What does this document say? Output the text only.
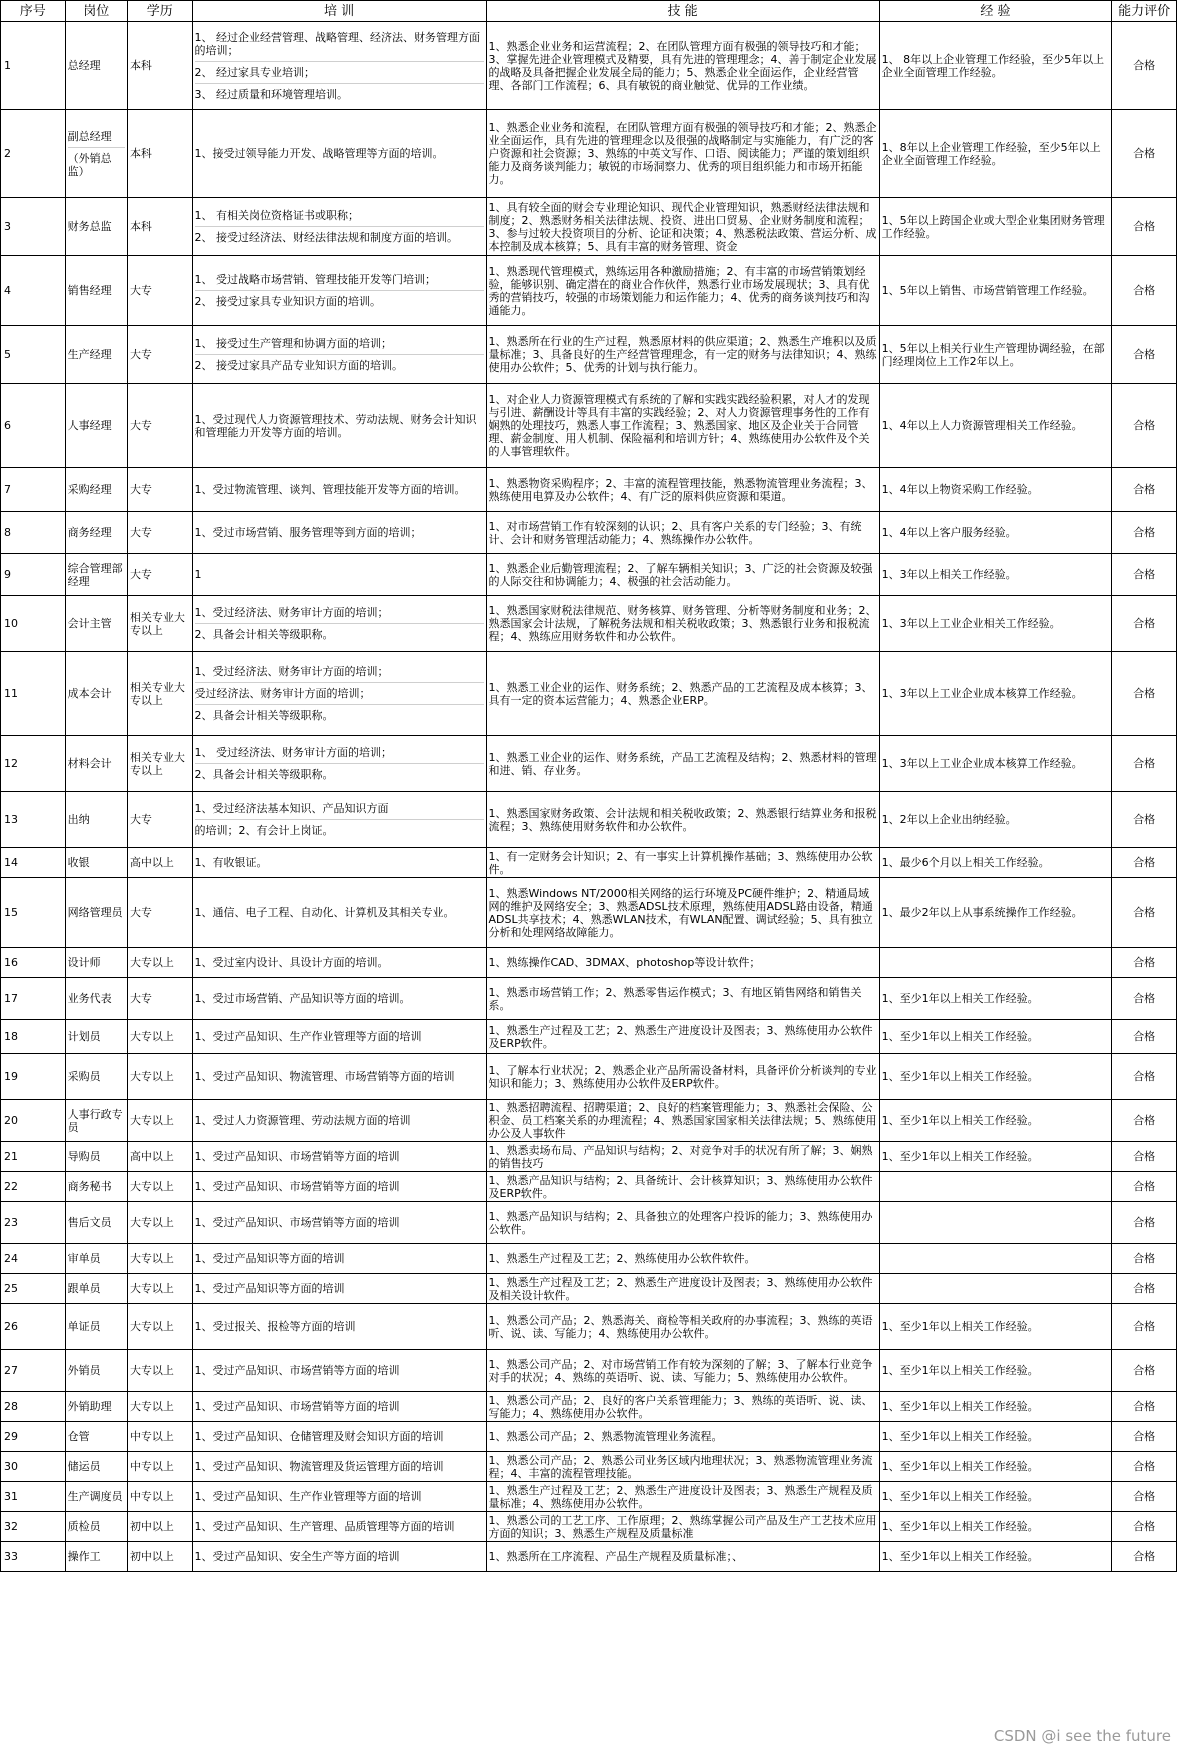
序号	岗位	学历	培 训	技 能	经 验	能力评价
1	总经理	本科	1、 经过企业经营管理、战略管理、经济法、财务管理方面的培训；
2、 经过家具专业培训；
3、 经过质量和环境管理培训。	1、熟悉企业业务和运营流程；2、在团队管理方面有极强的领导技巧和才能；3、掌握先进企业管理模式及精要，具有先进的管理理念；4、善于制定企业发展的战略及具备把握企业发展全局的能力；5、熟悉企业全面运作，企业经营管理、各部门工作流程；6、具有敏锐的商业触觉、优异的工作业绩。	1、 8年以上企业管理工作经验，至少5年以上企业全面管理工作经验。	合格
2	副总经理
（外销总监）	本科	1、接受过领导能力开发、战略管理等方面的培训。	1、熟悉企业业务和流程，在团队管理方面有极强的领导技巧和才能；2、熟悉企业全面运作，具有先进的管理理念以及很强的战略制定与实施能力，有广泛的客户资源和社会资源；3、熟练的中英文写作、口语、阅读能力；严谨的策划组织能力及商务谈判能力；敏锐的市场洞察力、优秀的项目组织能力和市场开拓能力。	1、8年以上企业管理工作经验，至少5年以上企业全面管理工作经验。	合格
3	财务总监	本科	1、 有相关岗位资格证书或职称；
2、 接受过经济法、财经法律法规和制度方面的培训。	1、具有较全面的财会专业理论知识、现代企业管理知识，熟悉财经法律法规和制度；2、熟悉财务相关法律法规、投资、进出口贸易、企业财务制度和流程；3、参与过较大投资项目的分析、论证和决策；4、熟悉税法政策、营运分析、成本控制及成本核算；5、具有丰富的财务管理、资金	1、5年以上跨国企业或大型企业集团财务管理工作经验。	合格
4	销售经理	大专	1、 受过战略市场营销、管理技能开发等门培训；
2、 接受过家具专业知识方面的培训。	1、熟悉现代管理模式，熟练运用各种激励措施；2、有丰富的市场营销策划经验，能够识别、确定潜在的商业合作伙伴，熟悉行业市场发展现状；3、具有优秀的营销技巧，较强的市场策划能力和运作能力；4、优秀的商务谈判技巧和沟通能力。	1、5年以上销售、市场营销管理工作经验。	合格
5	生产经理	大专	1、 接受过生产管理和协调方面的培训；
2、 接受过家具产品专业知识方面的培训。	1、熟悉所在行业的生产过程，熟悉原材料的供应渠道；2、熟悉生产堆积以及质量标准；3、具备良好的生产经营管理理念，有一定的财务与法律知识；4、熟练使用办公软件；5、优秀的计划与执行能力。	1、5年以上相关行业生产管理协调经验，在部门经理岗位上工作2年以上。	合格
6	人事经理	大专	1、受过现代人力资源管理技术、劳动法规、财务会计知识和管理能力开发等方面的培训。	1、对企业人力资源管理模式有系统的了解和实践实践经验积累，对人才的发现与引进、薪酬设计等具有丰富的实践经验；2、对人力资源管理事务性的工作有娴熟的处理技巧，熟悉人事工作流程；3、熟悉国家、地区及企业关于合同管理、薪金制度、用人机制、保险福利和培训方针；4、熟练使用办公软件及个关的人事管理软件。	1、4年以上人力资源管理相关工作经验。	合格
7	采购经理	大专	1、受过物流管理、谈判、管理技能开发等方面的培训。	1、熟悉物资采购程序；2、丰富的流程管理技能，熟悉物流管理业务流程；3、熟练使用电算及办公软件；4、有广泛的原料供应资源和渠道。	1、4年以上物资采购工作经验。	合格
8	商务经理	大专	1、受过市场营销、服务管理等到方面的培训；	1、对市场营销工作有较深刻的认识；2、具有客户关系的专门经验；3、有统计、会计和财务管理活动能力；4、熟练操作办公软件。	1、4年以上客户服务经验。	合格
9	综合管理部经理	大专	1	1、熟悉企业后勤管理流程；2、了解车辆相关知识；3、广泛的社会资源及较强的人际交往和协调能力；4、极强的社会活动能力。	1、3年以上相关工作经验。	合格
10	会计主管	相关专业大专以上	1、受过经济法、财务审计方面的培训；
2、具备会计相关等级职称。	1、熟悉国家财税法律规范、财务核算、财务管理、分析等财务制度和业务；2、熟悉国家会计法规，了解税务法规和相关税收政策；3、熟悉银行业务和报税流程；4、熟练应用财务软件和办公软件。	1、3年以上工业企业相关工作经验。	合格
11	成本会计	相关专业大专以上	1、受过经济法、财务审计方面的培训；
受过经济法、财务审计方面的培训；
2、具备会计相关等级职称。	1、熟悉工业企业的运作、财务系统；2、熟悉产品的工艺流程及成本核算；3、具有一定的资本运营能力；4、熟悉企业ERP。	1、3年以上工业企业成本核算工作经验。	合格
12	材料会计	相关专业大专以上	1、 受过经济法、财务审计方面的培训；
2、具备会计相关等级职称。	1、熟悉工业企业的运作、财务系统，产品工艺流程及结构；2、熟悉材料的管理和进、销、存业务。	1、3年以上工业企业成本核算工作经验。	合格
13	出纳	大专	1、受过经济法基本知识、产品知识方面
的培训；2、有会计上岗证。	1、熟悉国家财务政策、会计法规和相关税收政策；2、熟悉银行结算业务和报税流程；3、熟练使用财务软件和办公软件。	1、2年以上企业出纳经验。	合格
14	收银	高中以上	1、有收银证。	1、有一定财务会计知识；2、有一事实上计算机操作基础；3、熟练使用办公软件。	1、最少6个月以上相关工作经验。	合格
15	网络管理员	大专	1、通信、电子工程、自动化、计算机及其相关专业。	1、熟悉Windows NT/2000相关网络的运行环境及PC硬件维护；2、精通局域网的维护及网络安全；3、熟悉ADSL技术原理，熟练使用ADSL路由设备，精通ADSL共享技术；4、熟悉WLAN技术，有WLAN配置、调试经验；5、具有独立分析和处理网络故障能力。	1、最少2年以上从事系统操作工作经验。	合格
16	设计师	大专以上	1、受过室内设计、具设计方面的培训。	1、熟练操作CAD、3DMAX、photoshop等设计软件；		合格
17	业务代表	大专	1、受过市场营销、产品知识等方面的培训。	1、熟悉市场营销工作；2、熟悉零售运作模式；3、有地区销售网络和销售关系。	1、至少1年以上相关工作经验。	合格
18	计划员	大专以上	1、受过产品知识、生产作业管理等方面的培训	1、熟悉生产过程及工艺；2、熟悉生产进度设计及图表；3、熟练使用办公软件及ERP软件。	1、至少1年以上相关工作经验。	合格
19	采购员	大专以上	1、受过产品知识、物流管理、市场营销等方面的培训	1、了解本行业状况；2、熟悉企业产品所需设备材料，具备评价分析谈判的专业知识和能力；3、熟练使用办公软件及ERP软件。	1、至少1年以上相关工作经验。	合格
20	人事行政专员	大专以上	1、受过人力资源管理、劳动法规方面的培训	1、熟悉招聘流程、招聘渠道；2、良好的档案管理能力；3、熟悉社会保险、公积金、员工档案关系的办理流程；4、熟悉国家国家相关法律法规；5、熟练使用办公及人事软件	1、至少1年以上相关工作经验。	合格
21	导购员	高中以上	1、受过产品知识、市场营销等方面的培训	1、熟悉卖场布局、产品知识与结构；2、对竞争对手的状况有所了解；3、娴熟的销售技巧	1、至少1年以上相关工作经验。	合格
22	商务秘书	大专以上	1、受过产品知识、市场营销等方面的培训	1、熟悉产品知识与结构；2、具备统计、会计核算知识；3、熟练使用办公软件及ERP软件。		合格
23	售后文员	大专以上	1、受过产品知识、市场营销等方面的培训	1、熟悉产品知识与结构；2、具备独立的处理客户投诉的能力；3、熟练使用办公软件。		合格
24	审单员	大专以上	1、受过产品知识等方面的培训	1、熟悉生产过程及工艺；2、熟练使用办公软件软件。		合格
25	跟单员	大专以上	1、受过产品知识等方面的培训	1、熟悉生产过程及工艺；2、熟悉生产进度设计及图表；3、熟练使用办公软件及相关设计软件。		合格
26	单证员	大专以上	1、受过报关、报检等方面的培训	1、熟悉公司产品；2、熟悉海关、商检等相关政府的办事流程；3、熟练的英语听、说、读、写能力；4、熟练使用办公软件。	1、至少1年以上相关工作经验。	合格
27	外销员	大专以上	1、受过产品知识、市场营销等方面的培训	1、熟悉公司产品；2、对市场营销工作有较为深刻的了解；3、了解本行业竞争对手的状况；4、熟练的英语听、说、读、写能力；5、熟练使用办公软件。	1、至少1年以上相关工作经验。	合格
28	外销助理	大专以上	1、受过产品知识、市场营销等方面的培训	1、熟悉公司产品；2、良好的客户关系管理能力；3、熟练的英语听、说、读、写能力；4、熟练使用办公软件。	1、至少1年以上相关工作经验。	合格
29	仓管	中专以上	1、受过产品知识、仓储管理及财会知识方面的培训	1、熟悉公司产品；2、熟悉物流管理业务流程。	1、至少1年以上相关工作经验。	合格
30	储运员	中专以上	1、受过产品知识、物流管理及货运管理方面的培训	1、熟悉公司产品；2、熟悉公司业务区域内地理状况；3、熟悉物流管理业务流程；4、丰富的流程管理技能。	1、至少1年以上相关工作经验。	合格
31	生产调度员	中专以上	1、受过产品知识、生产作业管理等方面的培训	1、熟悉生产过程及工艺；2、熟悉生产进度设计及图表；3、熟悉生产规程及质量标准；4、熟练使用办公软件。	1、至少1年以上相关工作经验。	合格
32	质检员	初中以上	1、受过产品知识、生产管理、品质管理等方面的培训	1、熟悉公司的工艺工序、工作原理；2、熟练掌握公司产品及生产工艺技术应用方面的知识；3、熟悉生产规程及质量标准	1、至少1年以上相关工作经验。	合格
33	操作工	初中以上	1、受过产品知识、安全生产等方面的培训	1、熟悉所在工序流程、产品生产规程及质量标准；、	1、至少1年以上相关工作经验。	合格
CSDN @i see the future
